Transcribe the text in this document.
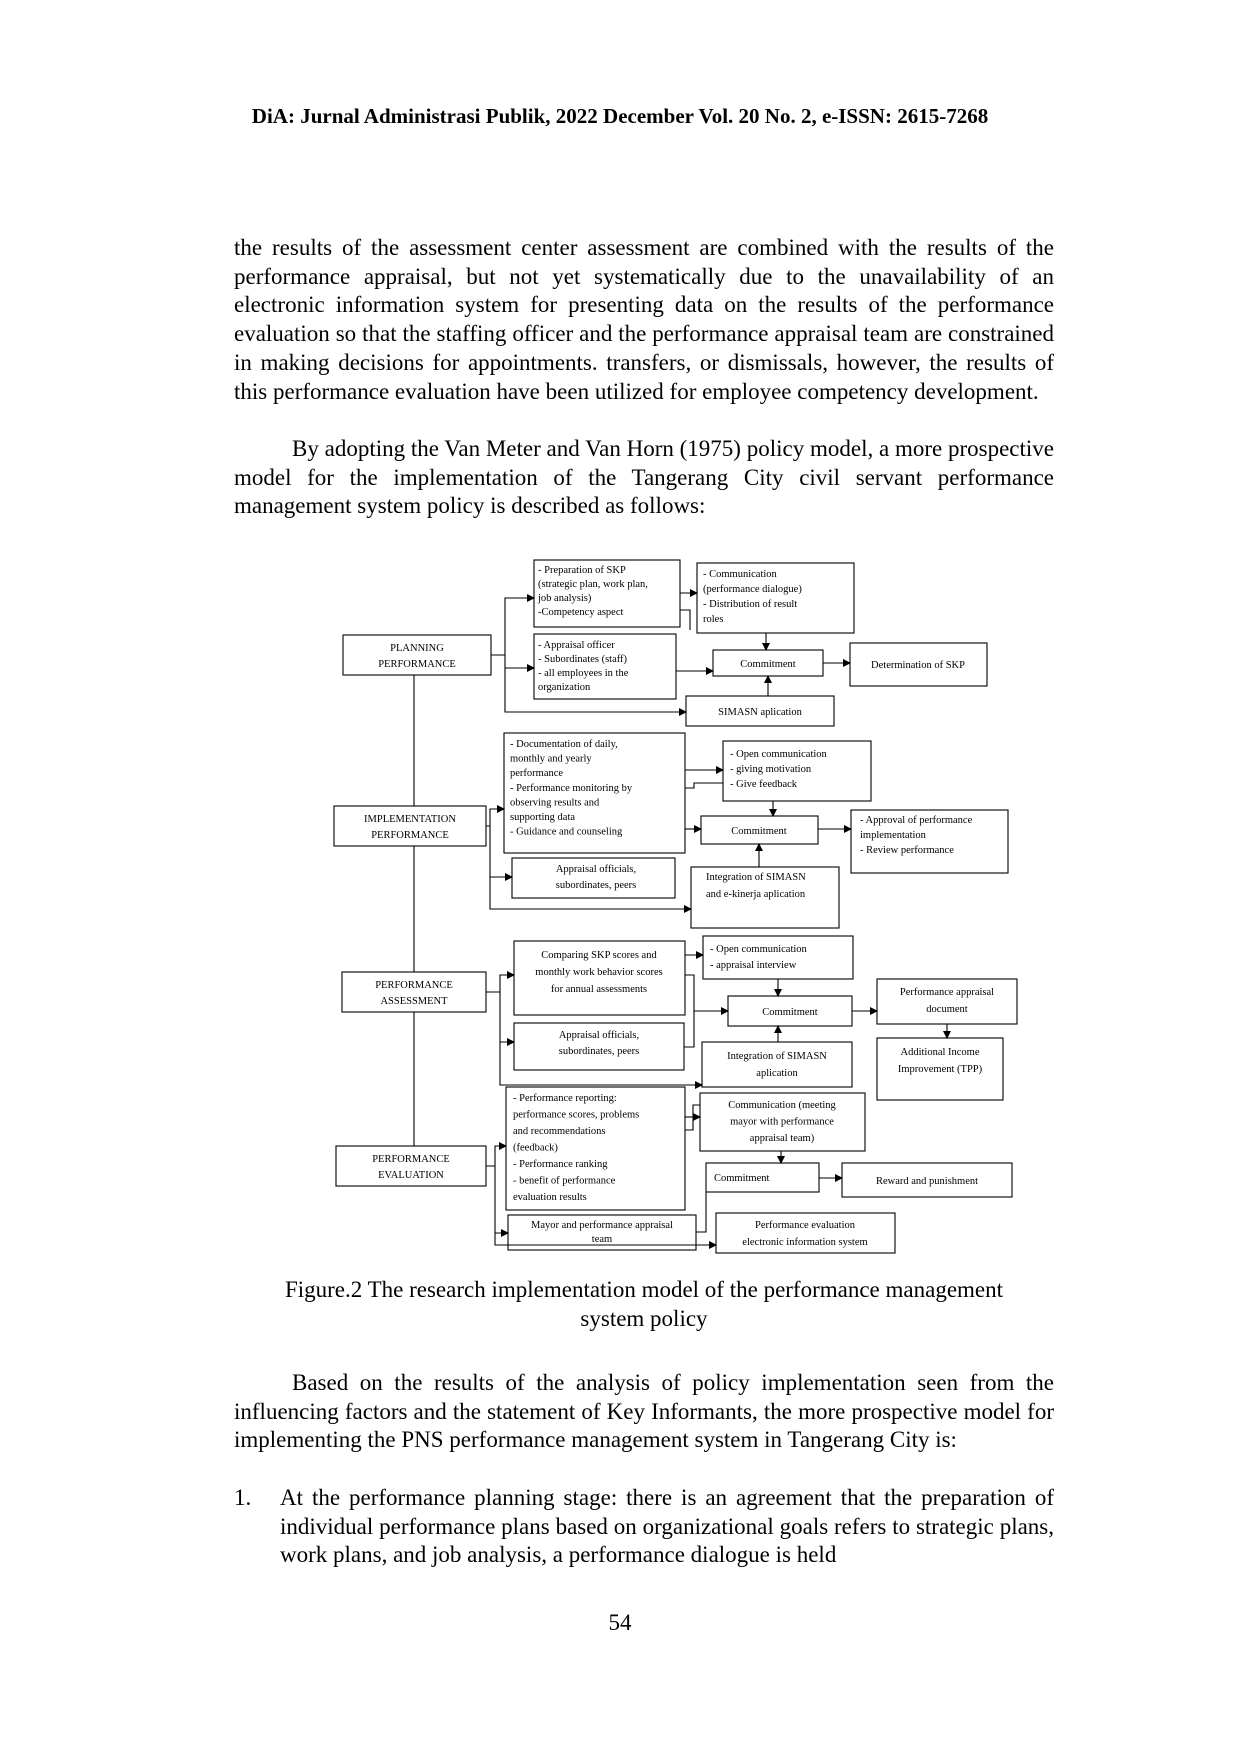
DiA: Jurnal Administrasi Publik, 2022 December Vol. 20 No. 2, e-ISSN: 2615-7268

the results of the assessment center assessment are combined with the results of the performance appraisal, but not yet systematically due to the unavailability of an electronic information system for presenting data on the results of the performance evaluation so that the staffing officer and the performance appraisal team are constrained in making decisions for appointments. transfers, or dismissals, however, the results of this performance evaluation have been utilized for employee competency development.

By adopting the Van Meter and Van Horn (1975) policy model, a more prospective model for the implementation of the Tangerang City civil servant performance management system policy is described as follows:

PLANNING PERFORMANCE
IMPLEMENTATION PERFORMANCE
PERFORMANCE ASSESSMENT
PERFORMANCE EVALUATION
- Preparation of SKP (strategic plan, work plan, job analysis) -Competency aspect
- Appraisal officer - Subordinates (staff) - all employees in the organization
- Communication (performance dialogue) - Distribution of result roles
Commitment	Determination of SKP
SIMASN aplication
- Documentation of daily, monthly and yearly performance - Performance monitoring by observing results and supporting data - Guidance and counseling
Appraisal officials, subordinates, peers
- Open communication - giving motivation - Give feedback
Commitment
- Approval of performance implementation - Review performance
Integration of SIMASN and e-kinerja aplication
Comparing SKP scores and monthly work behavior scores for annual assessments
Appraisal officials, subordinates, peers
- Open communication - appraisal interview
Commitment
Performance appraisal document
Additional Income Improvement (TPP)
Integration of SIMASN aplication
- Performance reporting: performance scores, problems and recommendations (feedback) - Performance ranking - benefit of performance evaluation results
Mayor and performance appraisal team
Communication (meeting mayor with performance appraisal team)
Commitment	Reward and punishment
Performance evaluation electronic information system
Figure.2 The research implementation model of the performance management
system policy

Based on the results of the analysis of policy implementation seen from the influencing factors and the statement of Key Informants, the more prospective model for implementing the PNS performance management system in Tangerang City is:

1. At the performance planning stage: there is an agreement that the preparation of individual performance plans based on organizational goals refers to strategic plans, work plans, and job analysis, a performance dialogue is held
54
